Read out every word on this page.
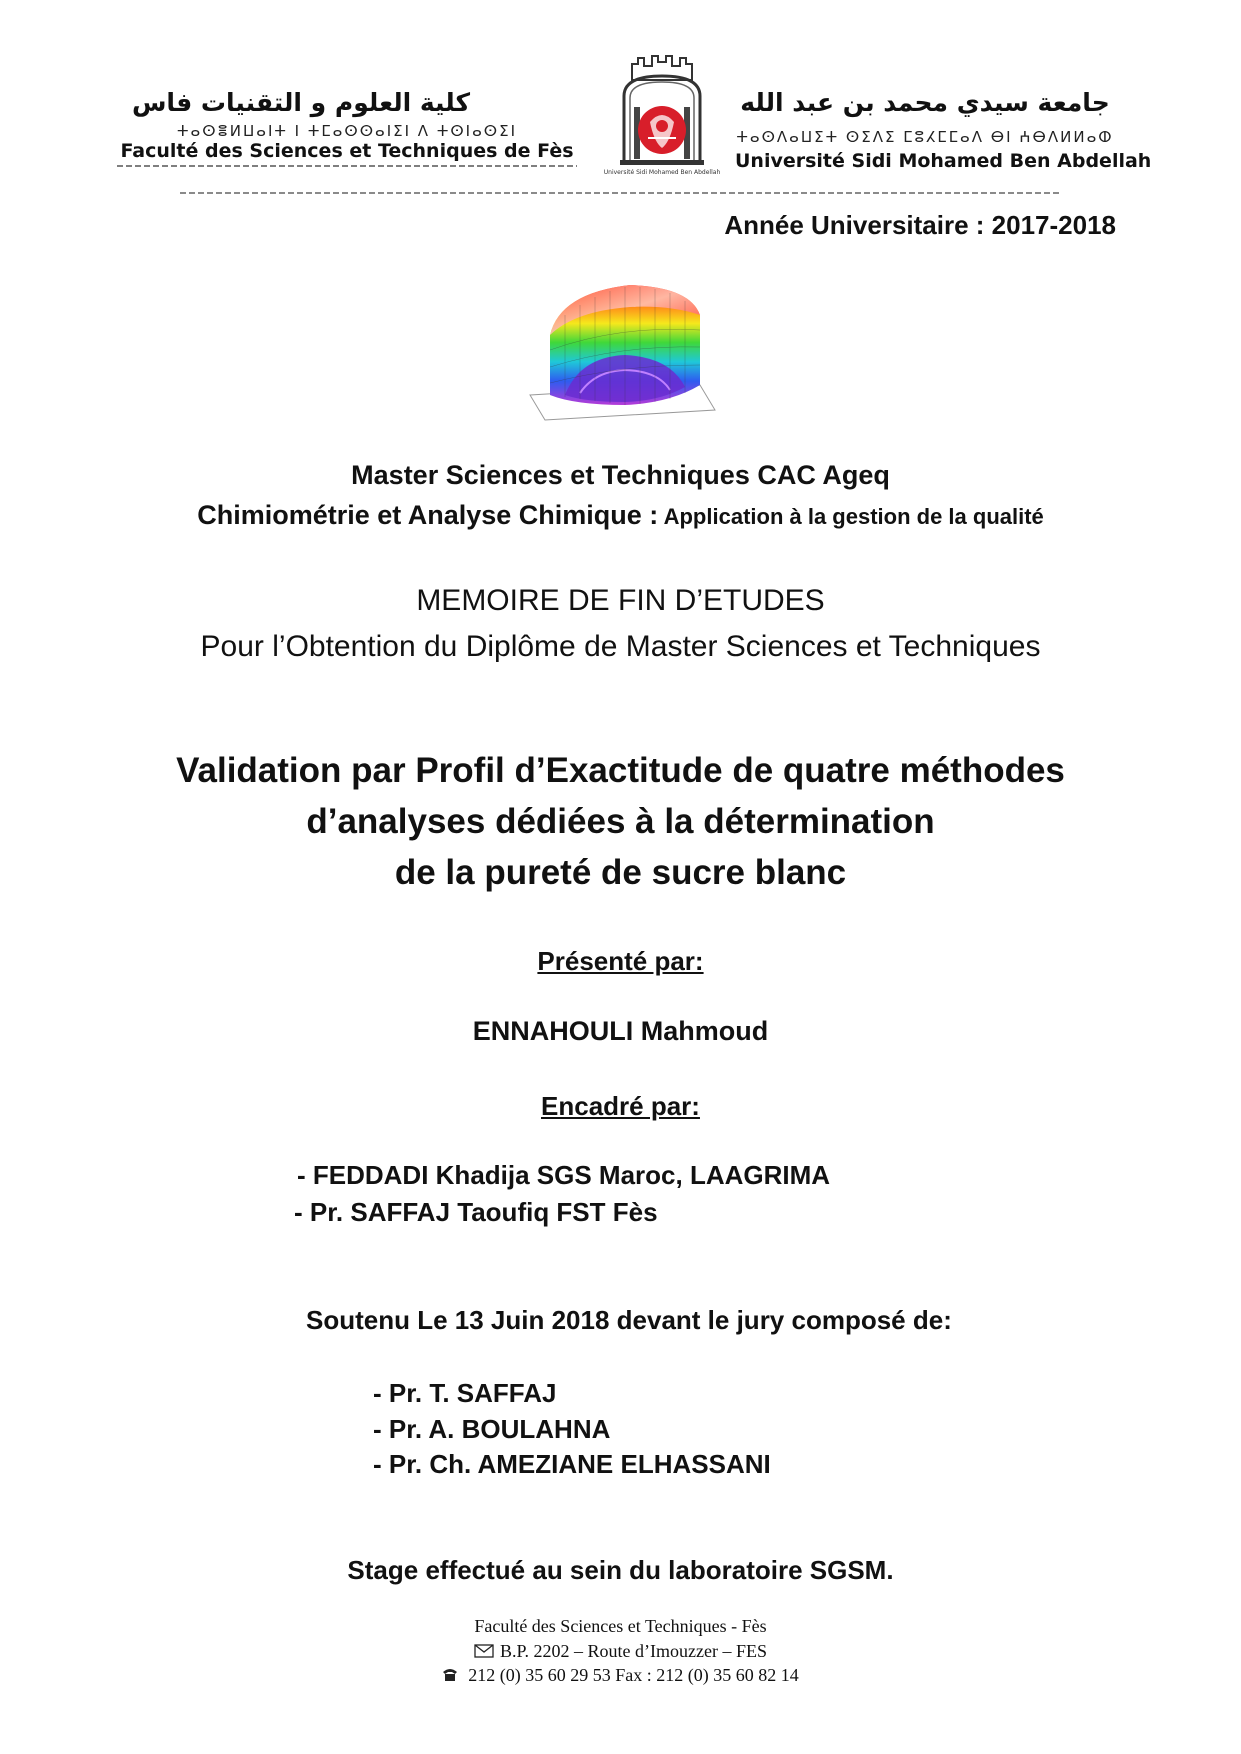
كلية العلوم و التقنيات فاس
ⵜⴰⵙⴻⵍⵡⴰⵏⵜ ⵏ ⵜⵎⴰⵙⵙⴰⵏⵉⵏ ⴷ ⵜⵙⵏⴰⵙⵉⵏ
Faculté des Sciences et Techniques de Fès
Université Sidi Mohamed Ben Abdellah
جامعة سيدي محمد بن عبد الله
ⵜⴰⵙⴷⴰⵡⵉⵜ ⵙⵉⴷⵉ ⵎⵓⵃⵎⵎⴰⴷ ⴱⵏ ⵄⴱⴷⵍⵍⴰⵀ
Université Sidi Mohamed Ben Abdellah
Année Universitaire : 2017-2018
Master Sciences et Techniques CAC Ageq
Chimiométrie et Analyse Chimique : Application à la gestion de la qualité
MEMOIRE DE FIN D’ETUDES
Pour l’Obtention du Diplôme de Master Sciences et Techniques
Validation par Profil d’Exactitude de quatre méthodes
d’analyses dédiées à la détermination
de la pureté de sucre blanc
Présenté par:
ENNAHOULI Mahmoud
Encadré par:
- FEDDADI Khadija SGS Maroc, LAAGRIMA
- Pr. SAFFAJ Taoufiq FST Fès
Soutenu Le 13 Juin 2018 devant le jury composé de:
- Pr. T. SAFFAJ
- Pr. A. BOULAHNA
- Pr. Ch. AMEZIANE ELHASSANI
Stage effectué au sein du laboratoire SGSM.
Faculté des Sciences et Techniques - Fès
B.P. 2202 – Route d’Imouzzer – FES
212 (0) 35 60 29 53 Fax : 212 (0) 35 60 82 14
